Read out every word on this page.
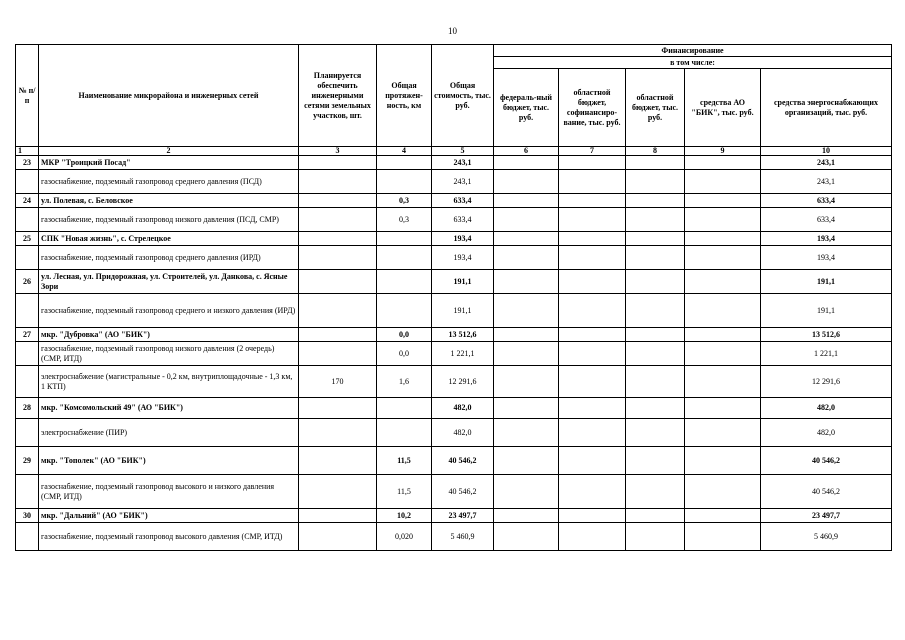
10
№ п/п	Наименование микрорайона и инженерных сетей	Планируется обеспечить инженерными сетями земельных участков, шт.	Общая протяжен-ность, км	Общая стоимость, тыс. руб.	Финансирование				
					в том числе:				
					федераль-ный бюджет, тыс. руб.	областной бюджет, софинансиро-вание, тыс. руб.	областной бюджет, тыс. руб.	средства АО "БИК", тыс. руб.	средства энергоснабжающих организаций, тыс. руб.
1	2	3	4	5	6	7	8	9	10
23	МКР "Троицкий Посад"			243,1					243,1
	газоснабжение, подземный газопровод среднего давления (ПСД)			243,1					243,1
24	ул. Полевая, с. Беловское		0,3	633,4					633,4
	газоснабжение, подземный газопровод низкого давления (ПСД, СМР)		0,3	633,4					633,4
25	СПК "Новая жизнь", с. Стрелецкое			193,4					193,4
	газоснабжение, подземный газопровод среднего давления (ИРД)			193,4					193,4
26	ул. Лесная, ул. Придорожная, ул. Строителей, ул. Данкова, с. Ясные Зори			191,1					191,1
	газоснабжение, подземный газопровод среднего и низкого давления (ИРД)			191,1					191,1
27	мкр. "Дубровка" (АО "БИК")		0,0	13 512,6					13 512,6
	газоснабжение, подземный газопровод низкого давления (2 очередь) (СМР, ИТД)		0,0	1 221,1					1 221,1
	электроснабжение (магистральные - 0,2 км, внутриплощадочные - 1,3 км, 1 КТП)	170	1,6	12 291,6					12 291,6
28	мкр. "Комсомольский 49" (АО "БИК")			482,0					482,0
	электроснабжение (ПИР)			482,0					482,0
29	мкр. "Тополек" (АО "БИК")		11,5	40 546,2					40 546,2
	газоснабжение, подземный газопровод высокого и низкого давления (СМР, ИТД)		11,5	40 546,2					40 546,2
30	мкр. "Дальний" (АО "БИК")		10,2	23 497,7					23 497,7
	газоснабжение, подземный газопровод высокого давления (СМР, ИТД)		0,020	5 460,9					5 460,9
